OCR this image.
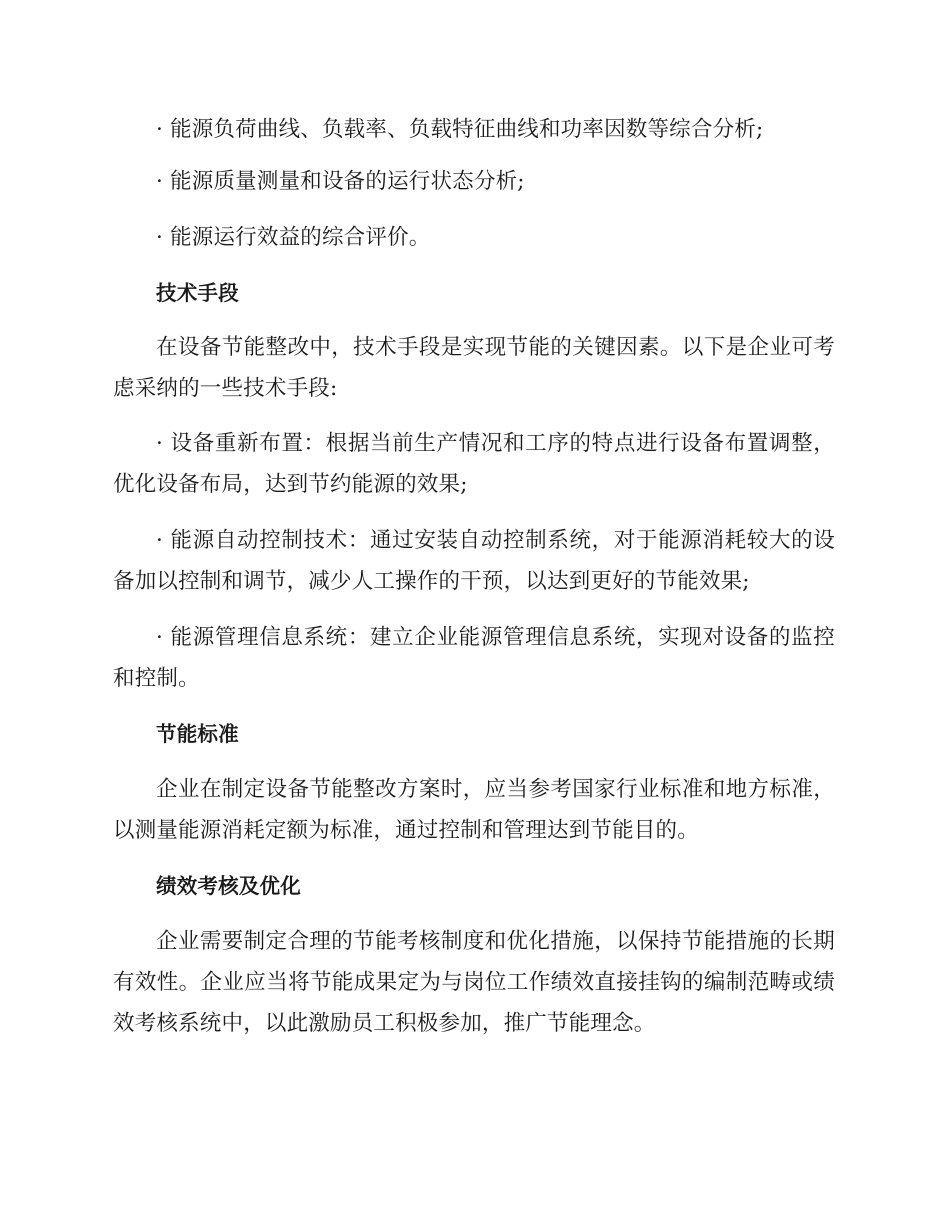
· 能源负荷曲线、负载率、负载特征曲线和功率因数等综合分析;
· 能源质量测量和设备的运行状态分析;
· 能源运行效益的综合评价。
技术手段
在设备节能整改中，技术手段是实现节能的关键因素。以下是企业可考
虑采纳的一些技术手段:
· 设备重新布置：根据当前生产情况和工序的特点进行设备布置调整，
优化设备布局，达到节约能源的效果;
· 能源自动控制技术：通过安装自动控制系统，对于能源消耗较大的设
备加以控制和调节，减少人工操作的干预，以达到更好的节能效果;
· 能源管理信息系统：建立企业能源管理信息系统，实现对设备的监控
和控制。
节能标准
企业在制定设备节能整改方案时，应当参考国家行业标准和地方标准，
以测量能源消耗定额为标准，通过控制和管理达到节能目的。
绩效考核及优化
企业需要制定合理的节能考核制度和优化措施，以保持节能措施的长期
有效性。企业应当将节能成果定为与岗位工作绩效直接挂钩的编制范畴或绩
效考核系统中，以此激励员工积极参加，推广节能理念。
